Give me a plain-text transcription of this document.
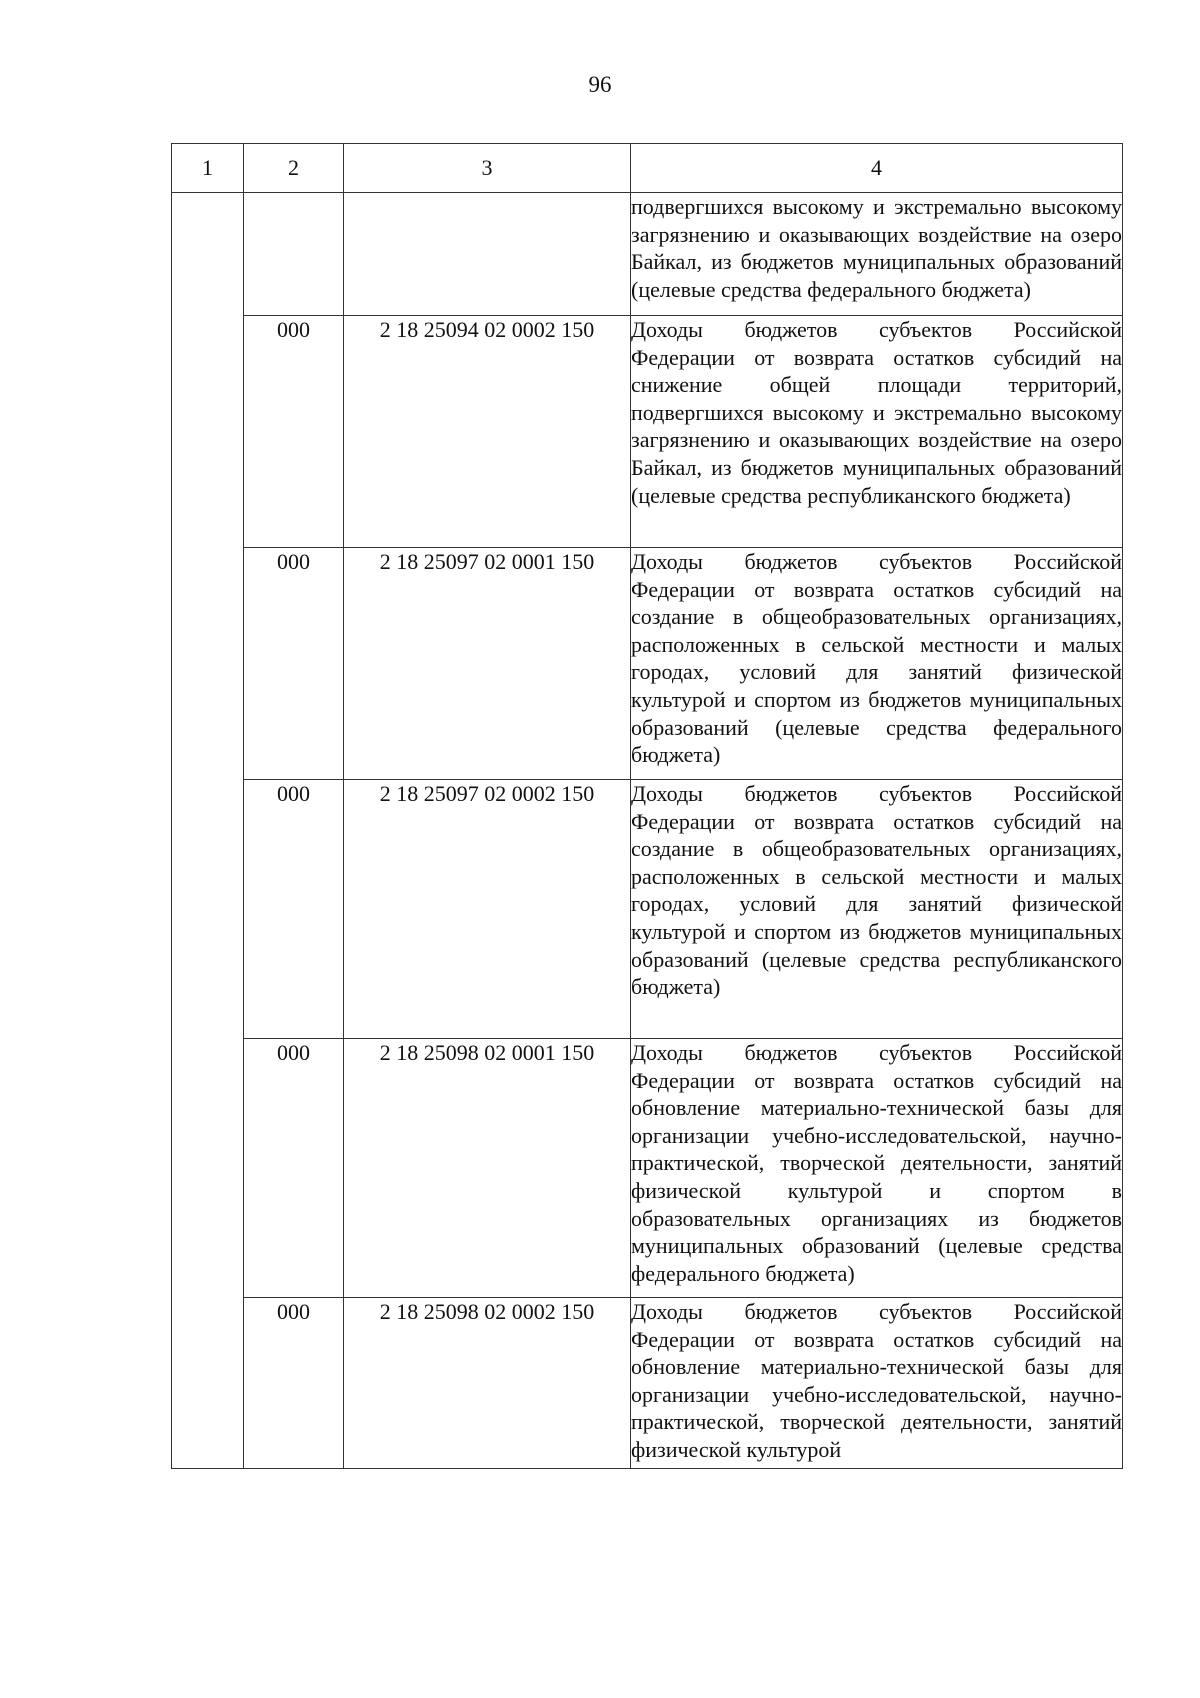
96
1	2	3	4
			подвергшихся высокому и экстремально высокому загрязнению и оказывающих воздействие на озеро Байкал, из бюджетов муниципальных образований (целевые средства федерального бюджета)
	000	2 18 25094 02 0002 150	Доходы бюджетов субъектов Российской Федерации от возврата остатков субсидий на снижение общей площади территорий, подвергшихся высокому и экстремально высокому загрязнению и оказывающих воздействие на озеро Байкал, из бюджетов муниципальных образований (целевые средства республиканского бюджета)
	000	2 18 25097 02 0001 150	Доходы бюджетов субъектов Российской Федерации от возврата остатков субсидий на создание в общеобразовательных организациях, расположенных в сельской местности и малых городах, условий для занятий физической культурой и спортом из бюджетов муниципальных образований (целевые средства федерального бюджета)
	000	2 18 25097 02 0002 150	Доходы бюджетов субъектов Российской Федерации от возврата остатков субсидий на создание в общеобразовательных организациях, расположенных в сельской местности и малых городах, условий для занятий физической культурой и спортом из бюджетов муниципальных образований (целевые средства республиканского бюджета)
	000	2 18 25098 02 0001 150	Доходы бюджетов субъектов Российской Федерации от возврата остатков субсидий на обновление материально-технической базы для организации учебно-исследовательской, научно-практической, творческой деятельности, занятий физической культурой и спортом в образовательных организациях из бюджетов муниципальных образований (целевые средства федерального бюджета)
	000	2 18 25098 02 0002 150	Доходы бюджетов субъектов Российской Федерации от возврата остатков субсидий на обновление материально-технической базы для организации учебно-исследовательской, научно-практической, творческой деятельности, занятий физической культурой
